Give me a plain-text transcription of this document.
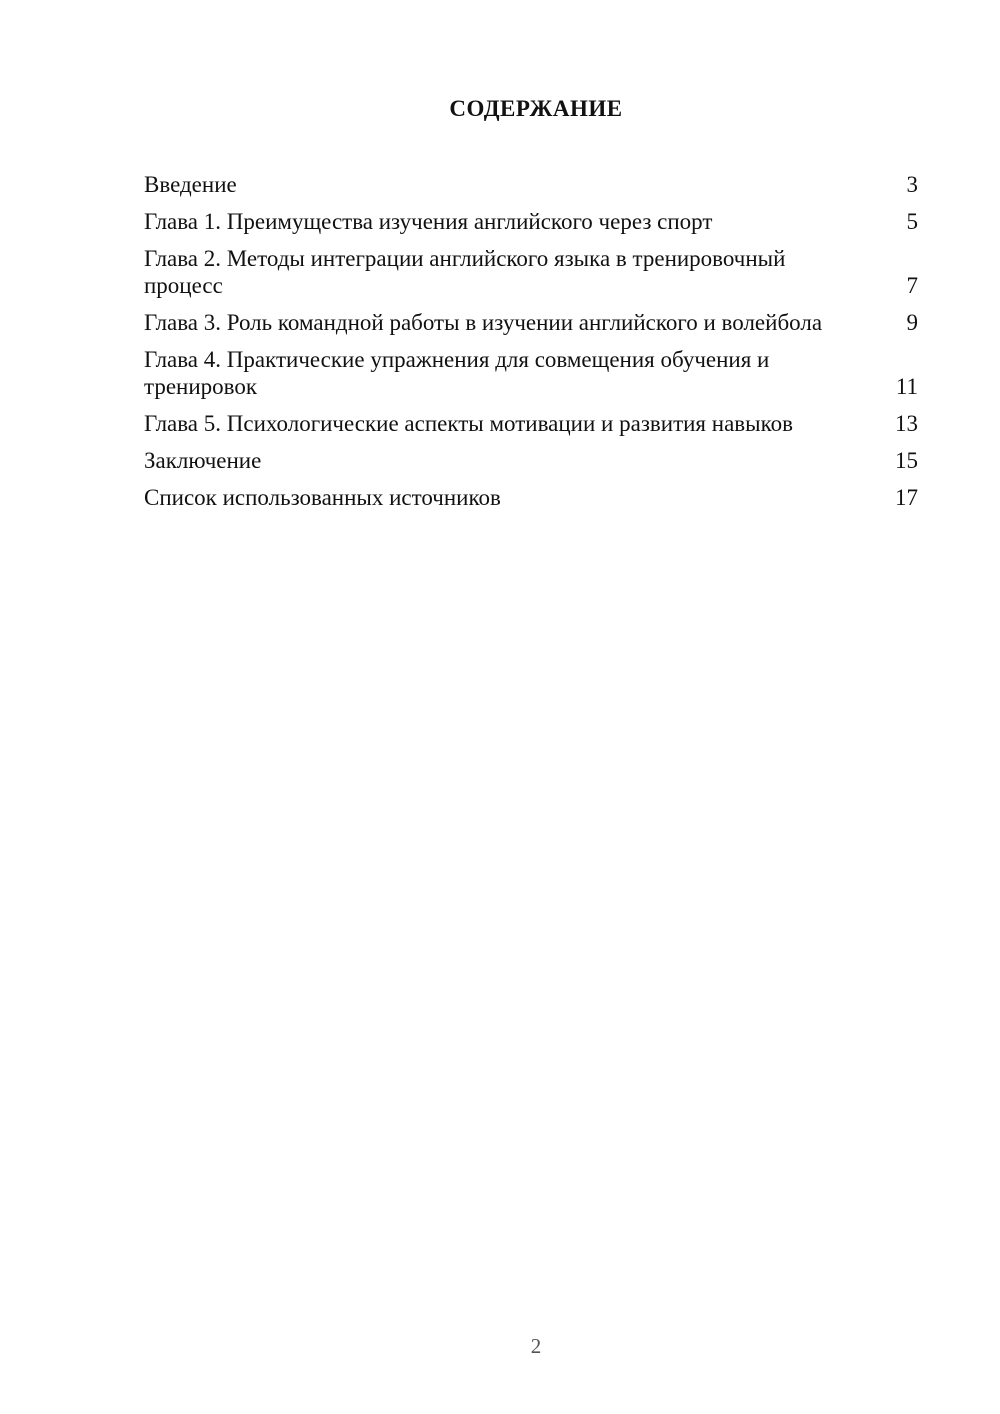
СОДЕРЖАНИЕ
Введение	3
Глава 1. Преимущества изучения английского через спорт	5
Глава 2. Методы интеграции английского языка в тренировочный процесс	7
Глава 3. Роль командной работы в изучении английского и волейбола	9
Глава 4. Практические упражнения для совмещения обучения и тренировок	11
Глава 5. Психологические аспекты мотивации и развития навыков	13
Заключение	15
Список использованных источников	17
2
